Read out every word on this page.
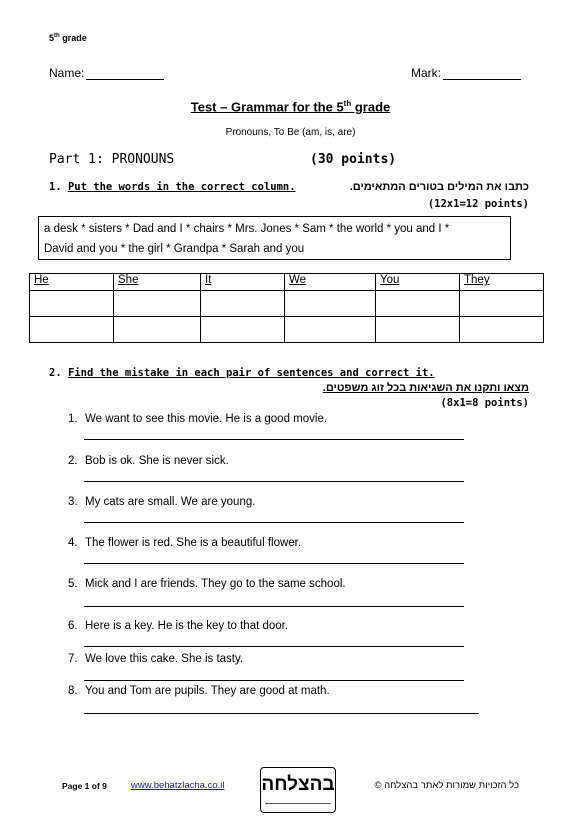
5th grade
Name:	Mark:
Test – Grammar for the 5th grade
Pronouns, To Be (am, is, are)
Part 1: PRONOUNS	(30 points)
1. Put the words in the correct column.	כתבו את המילים בטורים המתאימים.
(12x1=12 points)
a desk * sisters * Dad and I * chairs * Mrs. Jones * Sam * the world * you and I *
David and you * the girl * Grandpa * Sarah and you
He	She	It	We	You	They

2. Find the mistake in each pair of sentences and correct it.
מצאו ותקנו את השגיאות בכל זוג משפטים.
(8x1=8 points)
1. We want to see this movie. He is a good movie.
2. Bob is ok. She is never sick.
3. My cats are small. We are young.
4. The flower is red. She is a beautiful flower.
5. Mick and I are friends. They go to the same school.
6. Here is a key. He is the key to that door.
7. We love this cake. She is tasty.
8. You and Tom are pupils. They are good at math.
Page 1 of 9	www.behatzlacha.co.il בהצלחה	כל הזכויות שמורות לאתר בהצלחה ©
